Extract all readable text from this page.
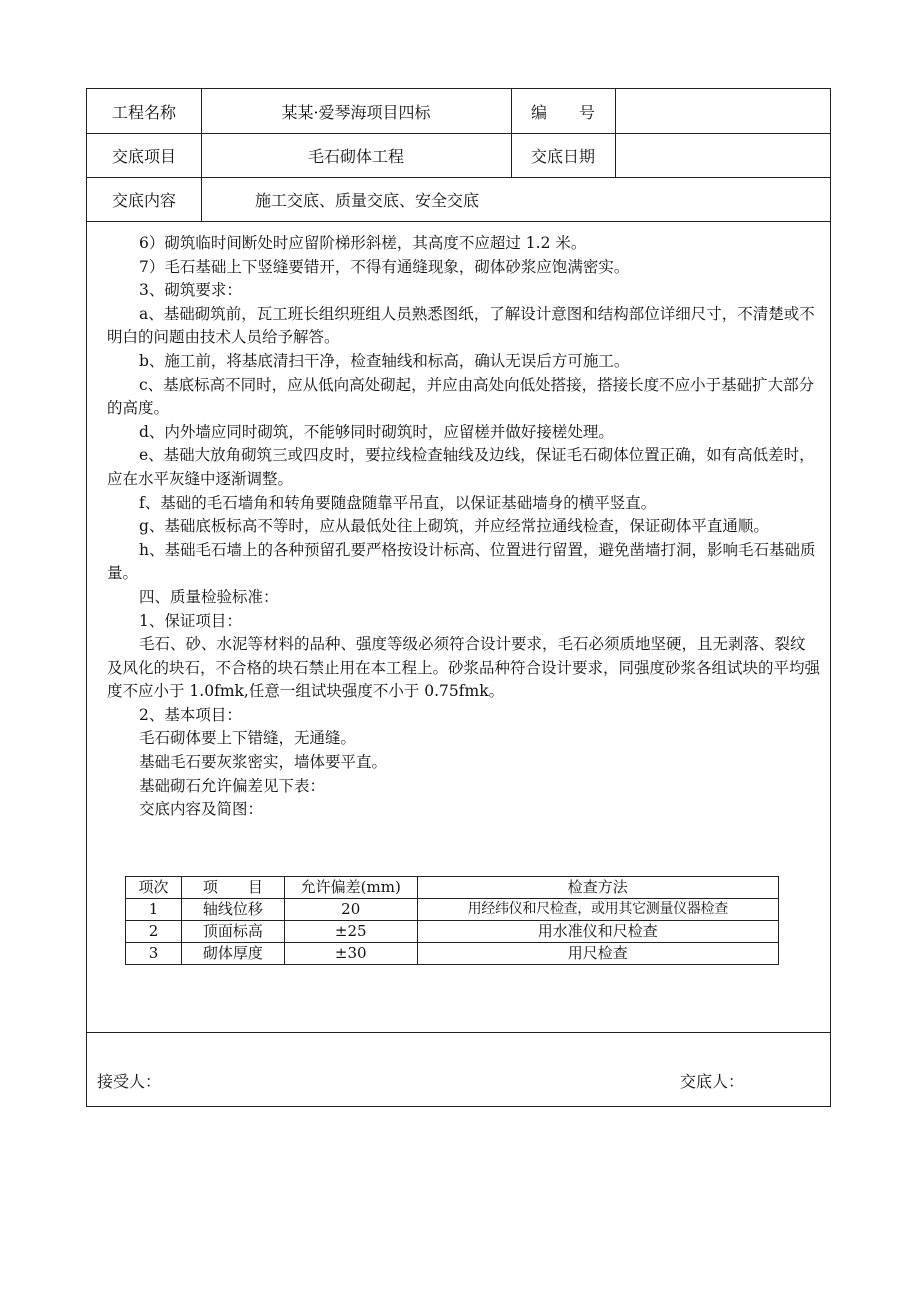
工程名称	某某·爱琴海项目四标	编　　号
交底项目	毛石砌体工程	交底日期
交底内容	施工交底、质量交底、安全交底

6）砌筑临时间断处时应留阶梯形斜槎，其高度不应超过 1.2 米。

7）毛石基础上下竖缝要错开，不得有通缝现象，砌体砂浆应饱满密实。

3、砌筑要求：

a、基础砌筑前，瓦工班长组织班组人员熟悉图纸，了解设计意图和结构部位详细尺寸，不清楚或不明白的问题由技术人员给予解答。

b、施工前，将基底清扫干净，检查轴线和标高，确认无误后方可施工。

c、基底标高不同时，应从低向高处砌起，并应由高处向低处搭接，搭接长度不应小于基础扩大部分的高度。

d、内外墙应同时砌筑，不能够同时砌筑时，应留槎并做好接槎处理。

e、基础大放角砌筑三或四皮时，要拉线检查轴线及边线，保证毛石砌体位置正确，如有高低差时，应在水平灰缝中逐渐调整。

f、基础的毛石墙角和转角要随盘随靠平吊直，以保证基础墙身的横平竖直。

g、基础底板标高不等时，应从最低处往上砌筑，并应经常拉通线检查，保证砌体平直通顺。

h、基础毛石墙上的各种预留孔要严格按设计标高、位置进行留置，避免凿墙打洞，影响毛石基础质量。

四、质量检验标准：

1、保证项目：

毛石、砂、水泥等材料的品种、强度等级必须符合设计要求，毛石必须质地坚硬，且无剥落、裂纹及风化的块石，不合格的块石禁止用在本工程上。砂浆品种符合设计要求，同强度砂浆各组试块的平均强度不应小于 1.0fmk,任意一组试块强度不小于 0.75fmk。

2、基本项目：

毛石砌体要上下错缝，无通缝。

基础毛石要灰浆密实，墙体要平直。

基础砌石允许偏差见下表：

交底内容及简图：

项次	项　　目	允许偏差(mm)	检查方法
1	轴线位移	20	用经纬仪和尺检查，或用其它测量仪器检查
2	顶面标高	±25	用水准仪和尺检查
3	砌体厚度	±30	用尺检查
接受人：	交底人：
